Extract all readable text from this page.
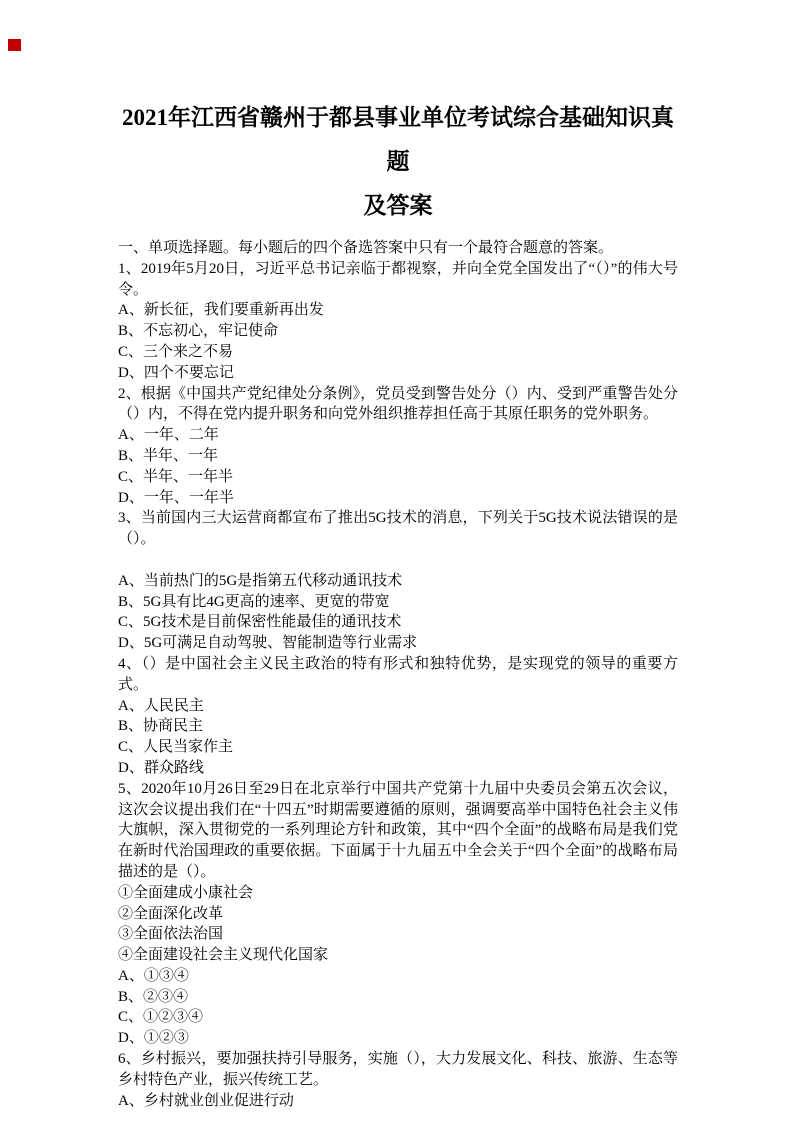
2021年江西省赣州于都县事业单位考试综合基础知识真题
及答案

一、单项选择题。每小题后的四个备选答案中只有一个最符合题意的答案。

1、2019年5月20日，习近平总书记亲临于都视察，并向全党全国发出了“（）”的伟大号令。

A、新长征，我们要重新再出发

B、不忘初心，牢记使命

C、三个来之不易

D、四个不要忘记

2、根据《中国共产党纪律处分条例》，党员受到警告处分（）内、受到严重警告处分（）内，不得在党内提升职务和向党外组织推荐担任高于其原任职务的党外职务。

A、一年、二年

B、半年、一年

C、半年、一年半

D、一年、一年半

3、当前国内三大运营商都宣布了推出5G技术的消息，下列关于5G技术说法错误的是（）。

A、当前热门的5G是指第五代移动通讯技术

B、5G具有比4G更高的速率、更宽的带宽

C、5G技术是目前保密性能最佳的通讯技术

D、5G可满足自动驾驶、智能制造等行业需求

4、（）是中国社会主义民主政治的特有形式和独特优势，是实现党的领导的重要方式。

A、人民民主

B、协商民主

C、人民当家作主

D、群众路线

5、2020年10月26日至29日在北京举行中国共产党第十九届中央委员会第五次会议，这次会议提出我们在“十四五”时期需要遵循的原则，强调要高举中国特色社会主义伟大旗帜，深入贯彻党的一系列理论方针和政策，其中“四个全面”的战略布局是我们党在新时代治国理政的重要依据。下面属于十九届五中全会关于“四个全面”的战略布局描述的是（）。

①全面建成小康社会

②全面深化改革

③全面依法治国

④全面建设社会主义现代化国家

A、①③④

B、②③④

C、①②③④

D、①②③

6、乡村振兴，要加强扶持引导服务，实施（），大力发展文化、科技、旅游、生态等乡村特色产业，振兴传统工艺。

A、乡村就业创业促进行动
